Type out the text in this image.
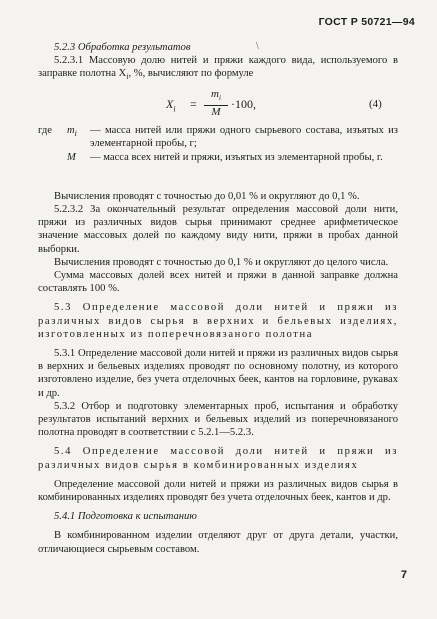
ГОСТ Р 50721—94
\

5.2.3 Обработка результатов

5.2.3.1 Массовую долю нитей и пряжи каждого вида, используемого в заправке полотна $X_i$, %, вычисляют по формуле

$X_i = \frac{m_i}{M} \cdot 100$,	(4)
где $m_i$ — масса нитей или пряжи одного сырьевого состава, изъятых из элементарной пробы, г;
M — масса всех нитей и пряжи, изъятых из элементарной пробы, г.

Вычисления проводят с точностью до 0,01 % и округляют до 0,1 %.

5.2.3.2 За окончательный результат определения массовой доли нити, пряжи из различных видов сырья принимают среднее арифметическое значение массовых долей по каждому виду нити, пряжи в пробах данной выборки.

Вычисления проводят с точностью до 0,1 % и округляют до целого числа.

Сумма массовых долей всех нитей и пряжи в данной заправке должна составлять 100 %.

5.3 Определение массовой доли нитей и пряжи из различных видов сырья в верхних и бельевых изделиях, изготовленных из поперечновязаного полотна

5.3.1 Определение массовой доли нитей и пряжи из различных видов сырья в верхних и бельевых изделиях проводят по основному полотну, из которого изготовлено изделие, без учета отделочных беек, кантов на горловине, рукавах и др.

5.3.2 Отбор и подготовку элементарных проб, испытания и обработку результатов испытаний верхних и бельевых изделий из поперечновязаного полотна проводят в соответствии с 5.2.1—5.2.3.

5.4 Определение массовой доли нитей и пряжи из различных видов сырья в комбинированных изделиях

Определение массовой доли нитей и пряжи из различных видов сырья в комбинированных изделиях проводят без учета отделочных беек, кантов и др.

5.4.1 Подготовка к испытанию

В комбинированном изделии отделяют друг от друга детали, участки, отличающиеся сырьевым составом.

7
